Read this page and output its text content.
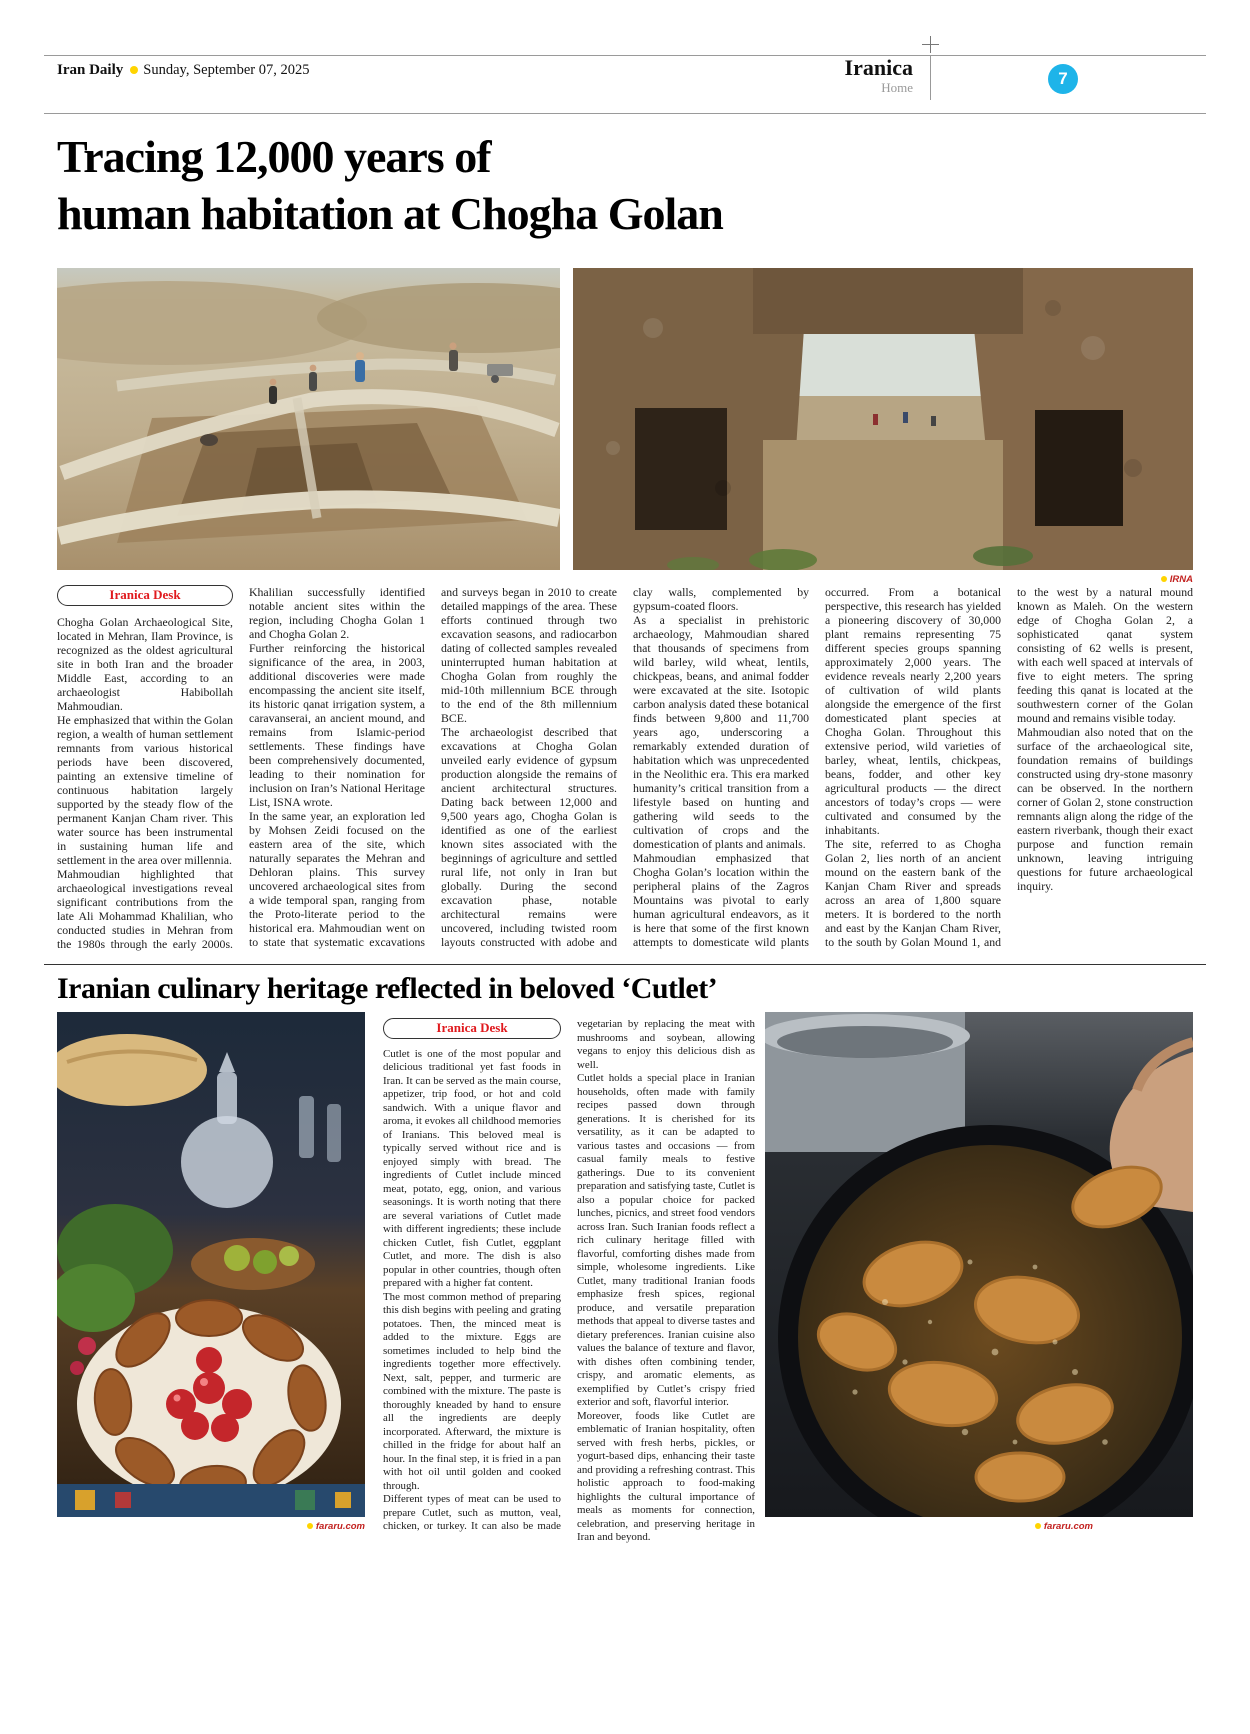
Iran Daily Sunday, September 07, 2025	Iranica
Home	7
Tracing 12,000 years of
human habitation at Chogha Golan
IRNA
Iranica Desk

Chogha Golan Archaeological Site, located in Mehran, Ilam Province, is recognized as the oldest agricultural site in both Iran and the broader Middle East, according to an archaeologist Habibollah Mahmoudian.

He emphasized that within the Golan region, a wealth of human settlement remnants from various historical periods have been discovered, painting an extensive timeline of continuous habitation largely supported by the steady flow of the permanent Kanjan Cham river. This water source has been instrumental in sustaining human life and settlement in the area over millennia.

Mahmoudian highlighted that archaeological investigations reveal significant contributions from the late Ali Mohammad Khalilian, who conducted studies in Mehran from the 1980s through the early 2000s. Khalilian successfully identified notable ancient sites within the region, including Chogha Golan 1 and Chogha Golan 2.

Further reinforcing the historical significance of the area, in 2003, additional discoveries were made encompassing the ancient site itself, its historic qanat irrigation system, a caravanserai, an ancient mound, and remains from Islamic-period settlements. These findings have been comprehensively documented, leading to their nomination for inclusion on Iran’s National Heritage List, ISNA wrote.

In the same year, an exploration led by Mohsen Zeidi focused on the eastern area of the site, which naturally separates the Mehran and Dehloran plains. This survey uncovered archaeological sites from a wide temporal span, ranging from the Proto-literate period to the historical era. Mahmoudian went on to state that systematic excavations and surveys began in 2010 to create detailed mappings of the area. These efforts continued through two excavation seasons, and radiocarbon dating of collected samples revealed uninterrupted human habitation at Chogha Golan from roughly the mid-10th millennium BCE through to the end of the 8th millennium BCE.

The archaeologist described that excavations at Chogha Golan unveiled early evidence of gypsum production alongside the remains of ancient architectural structures. Dating back between 12,000 and 9,500 years ago, Chogha Golan is identified as one of the earliest known sites associated with the beginnings of agriculture and settled rural life, not only in Iran but globally. During the second excavation phase, notable architectural remains were uncovered, including twisted room layouts constructed with adobe and clay walls, complemented by gypsum-coated floors.

As a specialist in prehistoric archaeology, Mahmoudian shared that thousands of specimens from wild barley, wild wheat, lentils, chickpeas, beans, and animal fodder were excavated at the site. Isotopic carbon analysis dated these botanical finds between 9,800 and 11,700 years ago, underscoring a remarkably extended duration of habitation which was unprecedented in the Neolithic era. This era marked humanity’s critical transition from a lifestyle based on hunting and gathering wild seeds to the cultivation of crops and the domestication of plants and animals.

Mahmoudian emphasized that Chogha Golan’s location within the peripheral plains of the Zagros Mountains was pivotal to early human agricultural endeavors, as it is here that some of the first known attempts to domesticate wild plants occurred. From a botanical perspective, this research has yielded a pioneering discovery of 30,000 plant remains representing 75 different species groups spanning approximately 2,000 years. The evidence reveals nearly 2,200 years of cultivation of wild plants alongside the emergence of the first domesticated plant species at Chogha Golan. Throughout this extensive period, wild varieties of barley, wheat, lentils, chickpeas, beans, fodder, and other key agricultural products — the direct ancestors of today’s crops — were cultivated and consumed by the inhabitants.

The site, referred to as Chogha Golan 2, lies north of an ancient mound on the eastern bank of the Kanjan Cham River and spreads across an area of 1,800 square meters. It is bordered to the north and east by the Kanjan Cham River, to the south by Golan Mound 1, and to the west by a natural mound known as Maleh. On the western edge of Chogha Golan 2, a sophisticated qanat system consisting of 62 wells is present, with each well spaced at intervals of five to eight meters. The spring feeding this qanat is located at the southwestern corner of the Golan mound and remains visible today.

Mahmoudian also noted that on the surface of the archaeological site, foundation remains of buildings constructed using dry-stone masonry can be observed. In the northern corner of Golan 2, stone construction remnants align along the ridge of the eastern riverbank, though their exact purpose and function remain unknown, leaving intriguing questions for future archaeological inquiry.

Iranian culinary heritage reflected in beloved ‘Cutlet’
fararu.com
Iranica Desk

Cutlet is one of the most popular and delicious traditional yet fast foods in Iran. It can be served as the main course, appetizer, trip food, or hot and cold sandwich. With a unique flavor and aroma, it evokes all childhood memories of Iranians. This beloved meal is typically served without rice and is enjoyed simply with bread. The ingredients of Cutlet include minced meat, potato, egg, onion, and various seasonings. It is worth noting that there are several variations of Cutlet made with different ingredients; these include chicken Cutlet, fish Cutlet, eggplant Cutlet, and more. The dish is also popular in other countries, though often prepared with a higher fat content.

The most common method of preparing this dish begins with peeling and grating potatoes. Then, the minced meat is added to the mixture. Eggs are sometimes included to help bind the ingredients together more effectively. Next, salt, pepper, and turmeric are combined with the mixture. The paste is thoroughly kneaded by hand to ensure all the ingredients are deeply incorporated. Afterward, the mixture is chilled in the fridge for about half an hour. In the final step, it is fried in a pan with hot oil until golden and cooked through.

Different types of meat can be used to prepare Cutlet, such as mutton, veal, chicken, or turkey. It can also be made vegetarian by replacing the meat with mushrooms and soybean, allowing vegans to enjoy this delicious dish as well.

Cutlet holds a special place in Iranian households, often made with family recipes passed down through generations. It is cherished for its versatility, as it can be adapted to various tastes and occasions — from casual family meals to festive gatherings. Due to its convenient preparation and satisfying taste, Cutlet is also a popular choice for packed lunches, picnics, and street food vendors across Iran. Such Iranian foods reflect a rich culinary heritage filled with flavorful, comforting dishes made from simple, wholesome ingredients. Like Cutlet, many traditional Iranian foods emphasize fresh spices, regional produce, and versatile preparation methods that appeal to diverse tastes and dietary preferences. Iranian cuisine also values the balance of texture and flavor, with dishes often combining tender, crispy, and aromatic elements, as exemplified by Cutlet’s crispy fried exterior and soft, flavorful interior.

Moreover, foods like Cutlet are emblematic of Iranian hospitality, often served with fresh herbs, pickles, or yogurt-based dips, enhancing their taste and providing a refreshing contrast. This holistic approach to food-making highlights the cultural importance of meals as moments for connection, celebration, and preserving heritage in Iran and beyond.

fararu.com
